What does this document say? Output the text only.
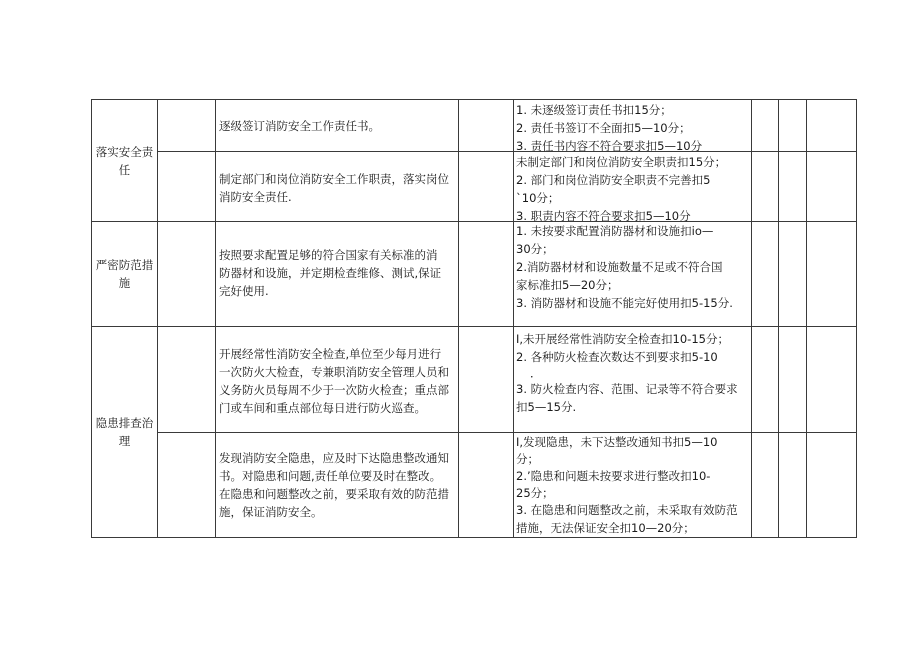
落实安全责
任
逐级签订消防安全工作责任书。
1. 未逐级签订责任书扣15分；
2. 责任书签订不全面扣5—10分；
3. 责任书内容不符合要求扣5—10分
制定部门和岗位消防安全工作职责，落实岗位
消防安全责任.
未制定部门和岗位消防安全职责扣15分；
2. 部门和岗位消防安全职责不完善扣5
`10分；
3. 职责内容不符合要求扣5—10分
严密防范措
施
按照要求配置足够的符合国家有关标准的消
防器材和设施，并定期检查维修、测试,保证
完好使用.
1. 未按要求配置消防器材和设施扣io—
30分；
2.消防器材材和设施数量不足或不符合国
家标准扣5—20分；
3. 消防器材和设施不能完好使用扣5-15分.
隐患排查治
理
开展经常性消防安全检查,单位至少每月进行
一次防火大检查，专兼职消防安全管理人员和
义务防火员每周不少于一次防火检查；重点部
门或车间和重点部位每日进行防火巡查。
I,未开展经常性消防安全检查扣10-15分；
2. 各种防火检查次数达不到要求扣5-10
．
3. 防火检查内容、范围、记录等不符合要求
扣5—15分.
发现消防安全隐患，应及时下达隐患整改通知
书。对隐患和问题,责任单位要及时在整改。
在隐患和问题整改之前，要采取有效的防范措
施，保证消防安全。
I,发现隐患，未下达整改通知书扣5—10
分；
2.’隐患和问题未按要求进行整改扣10-
25分；
3. 在隐患和问题整改之前，未采取有效防范
措施，无法保证安全扣10—20分；
